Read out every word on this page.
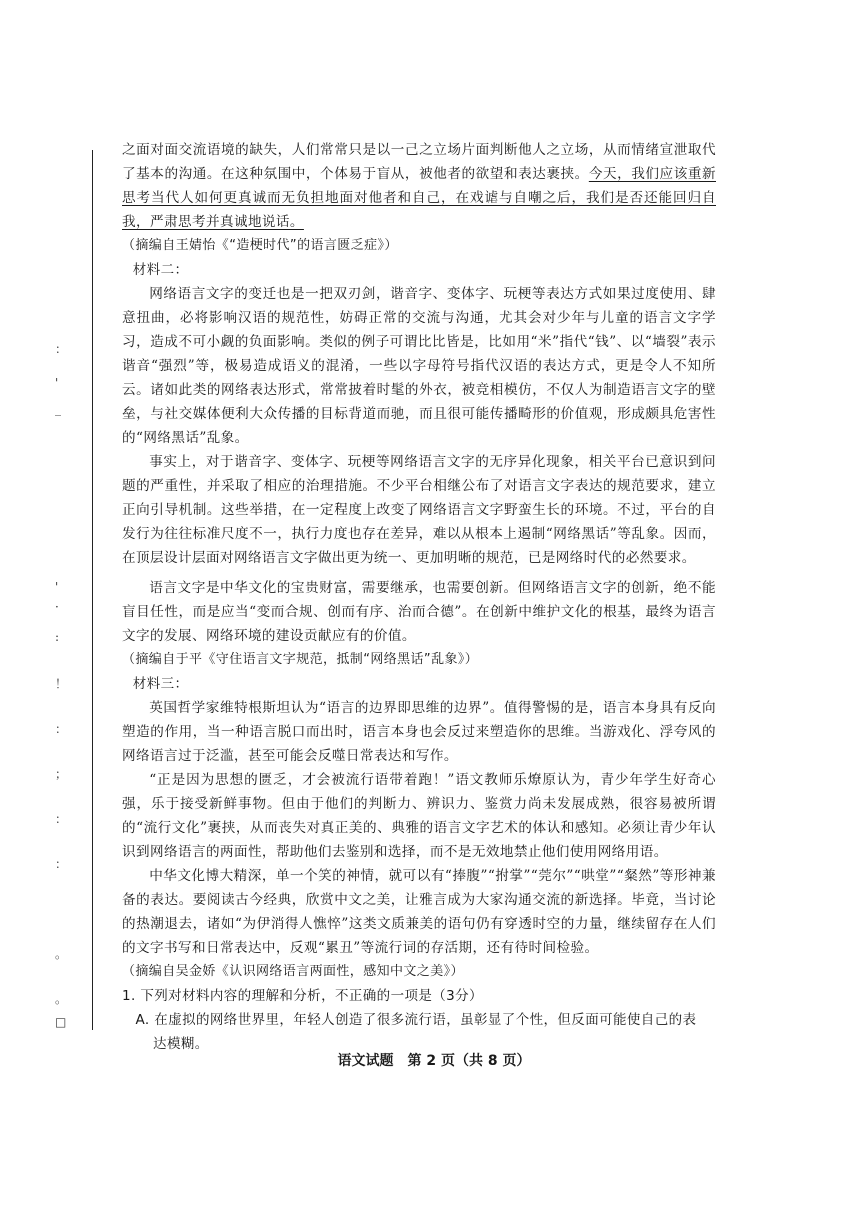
：
'
_
'
·
:
！
：
；
：
：
。
。
□

之面对面交流语境的缺失，人们常常只是以一己之立场片面判断他人之立场，从而情绪宣泄取代了基本的沟通。在这种氛围中，个体易于盲从，被他者的欲望和表达裹挟。今天，我们应该重新思考当代人如何更真诚而无负担地面对他者和自己，在戏谑与自嘲之后，我们是否还能回归自我，严肃思考并真诚地说话。

（摘编自王婧怡《“造梗时代”的语言匮乏症》）

材料二：

网络语言文字的变迁也是一把双刃剑，谐音字、变体字、玩梗等表达方式如果过度使用、肆意扭曲，必将影响汉语的规范性，妨碍正常的交流与沟通，尤其会对少年与儿童的语言文字学习，造成不可小觑的负面影响。类似的例子可谓比比皆是，比如用“米”指代“钱”、以“墙裂”表示谐音“强烈”等，极易造成语义的混淆，一些以字母符号指代汉语的表达方式，更是令人不知所云。诸如此类的网络表达形式，常常披着时髦的外衣，被竞相模仿，不仅人为制造语言文字的壁垒，与社交媒体便利大众传播的目标背道而驰，而且很可能传播畸形的价值观，形成颇具危害性的“网络黑话”乱象。

事实上，对于谐音字、变体字、玩梗等网络语言文字的无序异化现象，相关平台已意识到问题的严重性，并采取了相应的治理措施。不少平台相继公布了对语言文字表达的规范要求，建立正向引导机制。这些举措，在一定程度上改变了网络语言文字野蛮生长的环境。不过，平台的自发行为往往标准尺度不一，执行力度也存在差异，难以从根本上遏制“网络黑话”等乱象。因而，在顶层设计层面对网络语言文字做出更为统一、更加明晰的规范，已是网络时代的必然要求。

语言文字是中华文化的宝贵财富，需要继承，也需要创新。但网络语言文字的创新，绝不能盲目任性，而是应当“变而合规、创而有序、治而合德”。在创新中维护文化的根基，最终为语言文字的发展、网络环境的建设贡献应有的价值。

（摘编自于平《守住语言文字规范，抵制“网络黑话”乱象》）

材料三：

英国哲学家维特根斯坦认为“语言的边界即思维的边界”。值得警惕的是，语言本身具有反向塑造的作用，当一种语言脱口而出时，语言本身也会反过来塑造你的思维。当游戏化、浮夸风的网络语言过于泛滥，甚至可能会反噬日常表达和写作。

“正是因为思想的匮乏，才会被流行语带着跑！”语文教师乐燎原认为，青少年学生好奇心强，乐于接受新鲜事物。但由于他们的判断力、辨识力、鉴赏力尚未发展成熟，很容易被所谓的“流行文化”裹挟，从而丧失对真正美的、典雅的语言文字艺术的体认和感知。必须让青少年认识到网络语言的两面性，帮助他们去鉴别和选择，而不是无效地禁止他们使用网络用语。

中华文化博大精深，单一个笑的神情，就可以有“捧腹”“拊掌”“莞尔”“哄堂”“粲然”等形神兼备的表达。要阅读古今经典，欣赏中文之美，让雅言成为大家沟通交流的新选择。毕竟，当讨论的热潮退去，诸如“为伊消得人憔悴”这类文质兼美的语句仍有穿透时空的力量，继续留存在人们的文字书写和日常表达中，反观“累丑”等流行词的存活期，还有待时间检验。

（摘编自吴金娇《认识网络语言两面性，感知中文之美》）

1. 下列对材料内容的理解和分析，不正确的一项是（3分）

A. 在虚拟的网络世界里，年轻人创造了很多流行语，虽彰显了个性，但反面可能使自己的表
达模糊。

语文试题　第 2 页（共 8 页）
